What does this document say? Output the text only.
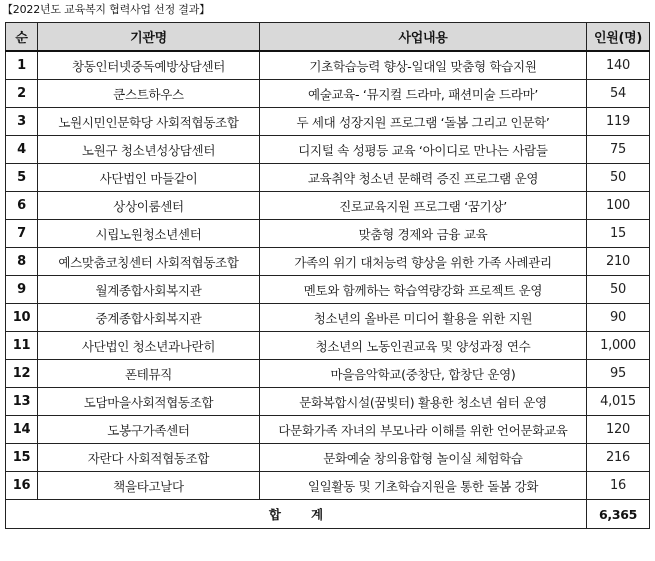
【2022년도 교육복지 협력사업 선정 결과】
순	기관명	사업내용	인원(명)
1	창동인터넷중독예방상담센터	기초학습능력 향상-일대일 맞춤형 학습지원	140
2	쿤스트하우스	예술교육- ‘뮤지컬 드라마, 패션미술 드라마’	54
3	노원시민인문학당 사회적협동조합	두 세대 성장지원 프로그램 ‘돌봄 그리고 인문학’	119
4	노원구 청소년성상담센터	디지털 속 성평등 교육 ‘아이디로 만나는 사람들	75
5	사단법인 마들같이	교육취약 청소년 문해력 증진 프로그램 운영	50
6	상상이룸센터	진로교육지원 프로그램 ‘꿈기상’	100
7	시립노원청소년센터	맞춤형 경제와 금융 교육	15
8	예스맞춤코칭센터 사회적협동조합	가족의 위기 대처능력 향상을 위한 가족 사례관리	210
9	월계종합사회복지관	멘토와 함께하는 학습역량강화 프로젝트 운영	50
10	중계종합사회복지관	청소년의 올바른 미디어 활용을 위한 지원	90
11	사단법인 청소년과나란히	청소년의 노동인권교육 및 양성과정 연수	1,000
12	폰테뮤직	마을음악학교(중창단, 합창단 운영)	95
13	도담마을사회적협동조합	문화복합시설(꿈빛터) 활용한 청소년 쉼터 운영	4,015
14	도봉구가족센터	다문화가족 자녀의 부모나라 이해를 위한 언어문화교육	120
15	자란다 사회적협동조합	문화예술 창의융합형 놀이실 체험학습	216
16	책을타고날다	일일활동 및 기초학습지원을 통한 돌봄 강화	16
합계			6,365
